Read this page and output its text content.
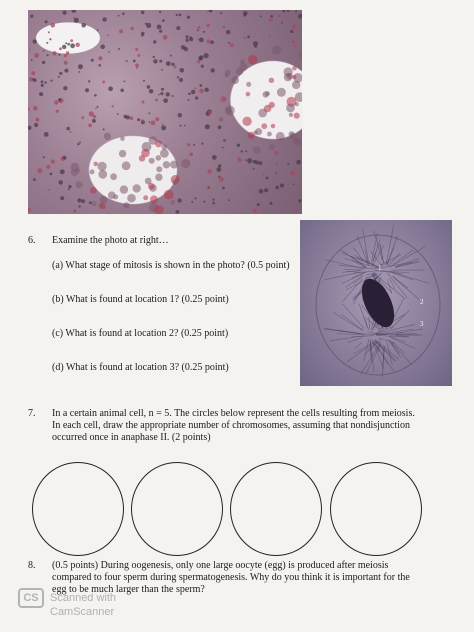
6. Examine the photo at right…
(a) What stage of mitosis is shown in the photo? (0.5 point)
(b) What is found at location 1? (0.25 point)
(c) What is found at location 2? (0.25 point)
(d) What is found at location 3? (0.25 point)
1
2
3
7. In a certain animal cell, n = 5. The circles below represent the cells resulting from meiosis.
In each cell, draw the appropriate number of chromosomes, assuming that nondisjunction
occurred once in anaphase II. (2 points)
8. (0.5 points) During oogenesis, only one large oocyte (egg) is produced after meiosis
compared to four sperm during spermatogenesis. Why do you think it is important for the
egg to be much larger than the sperm?
CS	Scanned with
CamScanner
